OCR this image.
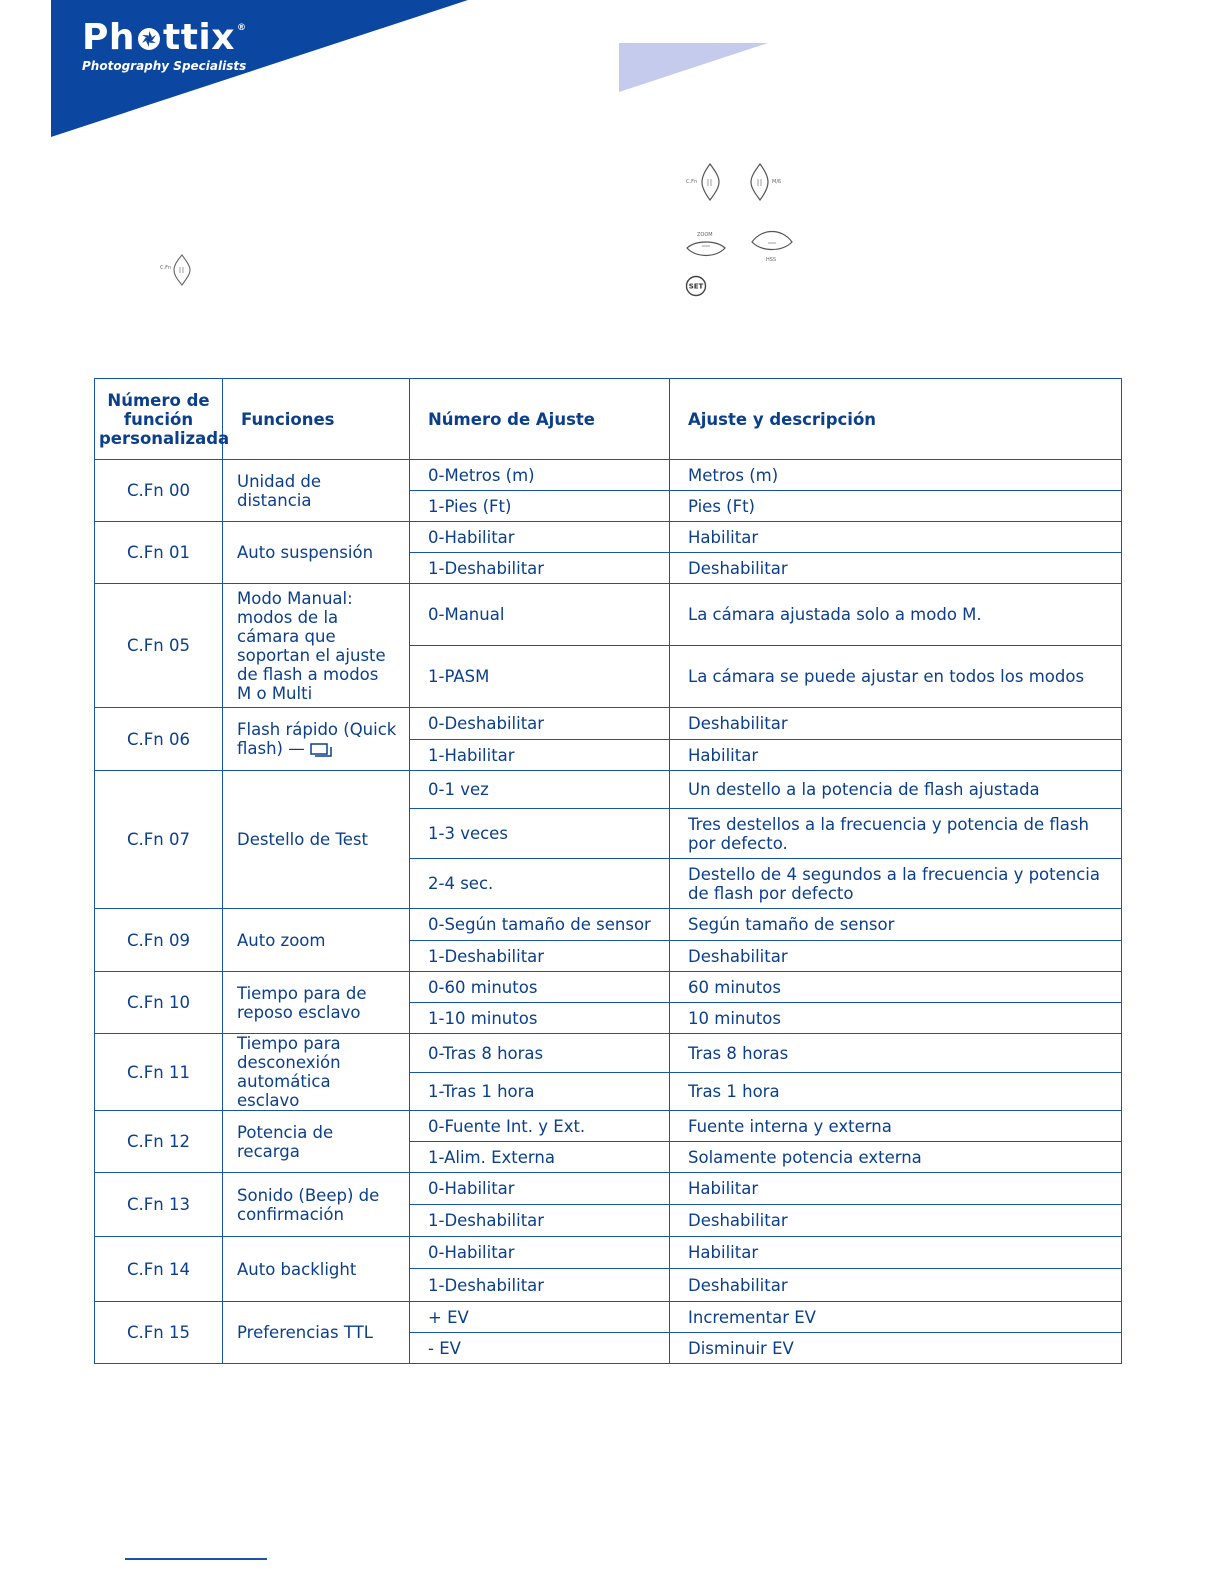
Ph ttix®
Photography Specialists
C.Fn
C.Fn	M/ß
ZOOM
HSS
SET
Número de función personalizada	Funciones	Número de Ajuste	Ajuste y descripción
C.Fn 00	Unidad de distancia	0-Metros (m)	Metros (m)
		1-Pies (Ft)	Pies (Ft)
C.Fn 01	Auto suspensión	0-Habilitar	Habilitar
		1-Deshabilitar	Deshabilitar
C.Fn 05	Modo Manual: modos de la cámara que soportan el ajuste de flash a modos M o Multi	0-Manual	La cámara ajustada solo a modo M.
		1-PASM	La cámara se puede ajustar en todos los modos
C.Fn 06	Flash rápido (Quick flash) —	0-Deshabilitar	Deshabilitar
		1-Habilitar	Habilitar
C.Fn 07	Destello de Test	0-1 vez	Un destello a la potencia de flash ajustada
		1-3 veces	Tres destellos a la frecuencia y potencia de flash por defecto.
		2-4 sec.	Destello de 4 segundos a la frecuencia y potencia de flash por defecto
C.Fn 09	Auto zoom	0-Según tamaño de sensor	Según tamaño de sensor
		1-Deshabilitar	Deshabilitar
C.Fn 10	Tiempo para de reposo esclavo	0-60 minutos	60 minutos
		1-10 minutos	10 minutos
C.Fn 11	Tiempo para desconexión automática esclavo	0-Tras 8 horas	Tras 8 horas
		1-Tras 1 hora	Tras 1 hora
C.Fn 12	Potencia de recarga	0-Fuente Int. y Ext.	Fuente interna y externa
		1-Alim. Externa	Solamente potencia externa
C.Fn 13	Sonido (Beep) de confirmación	0-Habilitar	Habilitar
		1-Deshabilitar	Deshabilitar
C.Fn 14	Auto backlight	0-Habilitar	Habilitar
		1-Deshabilitar	Deshabilitar
C.Fn 15	Preferencias TTL	+ EV	Incrementar EV
		- EV	Disminuir EV
